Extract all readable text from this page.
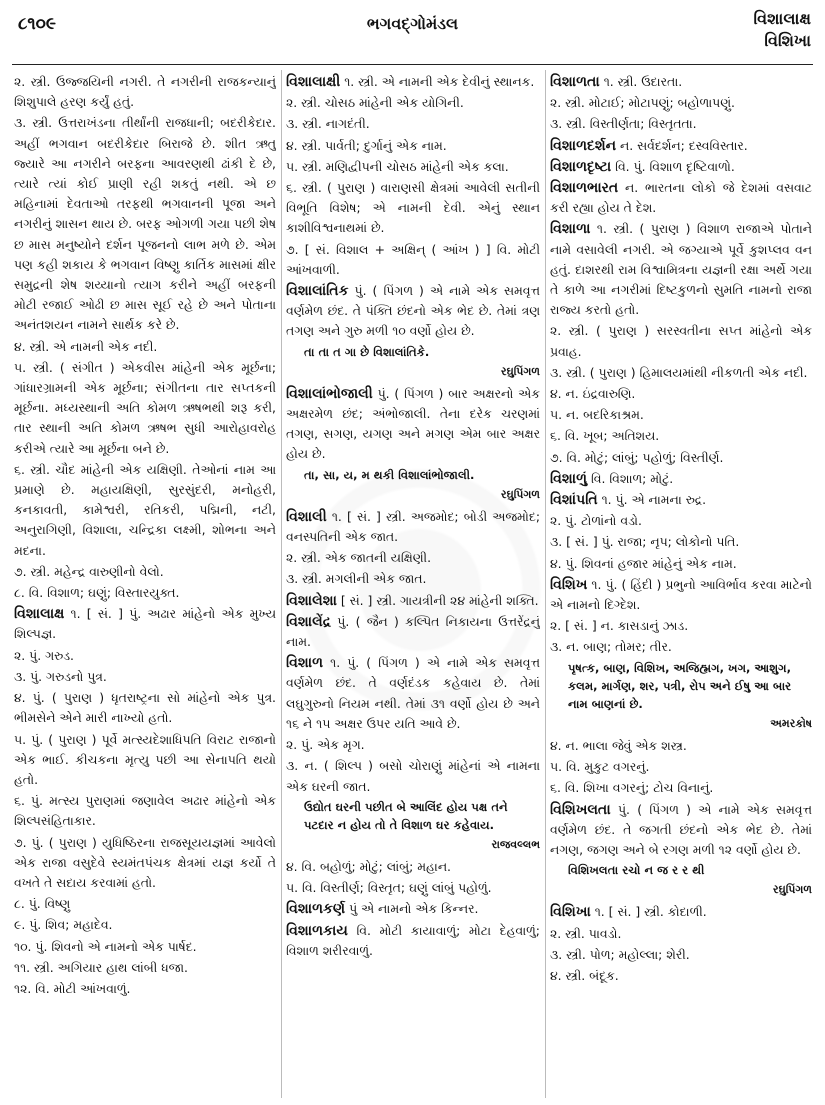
૮૧૦૯	ભગવદ્‌ગોમંડલ	વિશાલાક્ષ
વિશિખા
૨. સ્ત્રી. ઉજ્જયિની નગરી. તે નગરીની રાજકન્યાનું શિશુપાલે હરણ કર્યું હતું.
૩. સ્ત્રી. ઉત્તરાખંડના તીર્થાંની રાજધાની; બદરીકેદાર. અહીં ભગવાન બદરીકેદાર બિરાજે છે. શીત ઋતુ જ્યારે આ નગરીને બરફના આવરણથી ઢાંકી દે છે, ત્યારે ત્યાં કોઈ પ્રાણી રહી શકતું નથી. એ છ મહિનામાં દેવતાઓ તરફથી ભગવાનની પૂજા અને નગરીનું શાસન થાય છે. બરફ ઓગળી ગયા પછી શેષ છ માસ મનુષ્યોને દર્શન પૂજનનો લાભ મળે છે. એમ પણ કહી શકાય કે ભગવાન વિષ્ણુ કાર્તિક માસમાં ક્ષીર સમુદ્રની શેષ શય્યાનો ત્યાગ કરીને અહીં બરફની મોટી રજાઈ ઓઢી છ માસ સૂઈ રહે છે અને પોતાના અનંતશયન નામને સાર્થક કરે છે.
૪. સ્ત્રી. એ નામની એક નદી.
૫. સ્ત્રી. ( સંગીત ) એકવીસ માંહેની એક મૂર્છના; ગાંધારગ્રામની એક મૂર્છના; સંગીતના તાર સપ્તકની મૂર્છના. મધ્યસ્થાની અતિ કોમળ ઋષભથી શરૂ કરી, તાર સ્થાની અતિ કોમળ ઋષભ સુધી આરોહાવરોહ કરીએ ત્યારે આ મૂર્છના બને છે.
૬. સ્ત્રી. ચૌદ માંહેની એક યક્ષિણી. તેઓનાં નામ આ પ્રમાણે છે. મહાયક્ષિણી, સુરસુંદરી, મનોહરી, કનકાવતી, કામેશ્વરી, રતિકરી, પદ્મિની, નટી, અનુરાગિણી, વિશાલા, ચન્દ્રિકા લક્ષ્મી, શોભના અને મદના.
૭. સ્ત્રી. મહેન્દ્ર વારુણીનો વેલો.
૮. વિ. વિશાળ; ઘણું; વિસ્તારયુક્ત.
વિશાલાક્ષ ૧. [ સં. ] પું. અઢાર માંહેનો એક મુખ્ય શિલ્પજ્ઞ.
૨. પું. ગરુડ.
૩. પું. ગરુડનો પુત્ર.
૪. પું. ( પુરાણ ) ધૃતરાષ્ટ્રના સો માંહેનો એક પુત્ર. ભીમસેને એને મારી નાખ્યો હતો.
૫. પું. ( પુરાણ ) પૂર્વે મત્સ્યદેશાધિપતિ વિરાટ રાજાનો એક ભાઈ. કીચકના મૃત્યુ પછી આ સેનાપતિ થયો હતો.
૬. પું. મત્સ્ય પુરાણમાં જણાવેલ અઢાર માંહેનો એક શિલ્પસંહિતાકાર.
૭. પું. ( પુરાણ ) યુધિષ્ઠિરના રાજસૂયયજ્ઞમાં આવેલો એક રાજા વસુદેવે સ્યમંતપંચક ક્ષેત્રમાં યજ્ઞ કર્યો તે વખતે તે સદાય કરવામાં હતો.
૮. પું. વિષ્ણુ
૯. પું. શિવ; મહાદેવ.
૧૦. પું. શિવનો એ નામનો એક પાર્ષદ.
૧૧. સ્ત્રી. અગિયાર હાથ લાંબી ધજા.
૧૨. વિ. મોટી આંખવાળું.
વિશાલાક્ષી ૧. સ્ત્રી. એ નામની એક દેવીનું સ્થાનક.
૨. સ્ત્રી. ચોસઠ માંહેની એક યોગિની.
૩. સ્ત્રી. નાગદંતી.
૪. સ્ત્રી. પાર્વતી; દુર્ગાનું એક નામ.
૫. સ્ત્રી. મણિદ્વીપની ચોસઠ માંહેની એક કલા.
૬. સ્ત્રી. ( પુરાણ ) વારાણસી ક્ષેત્રમાં આવેલી સતીની વિભૂતિ વિશેષ; એ નામની દેવી. એનું સ્થાન કાશીવિશ્વનાથમાં છે.
૭. [ સં. વિશાલ + અક્ષિન્ ( આંખ ) ] વિ. મોટી આંખવાળી.
વિશાલાંતિક પું. ( પિંગળ ) એ નામે એક સમવૃત્ત વર્ણમેળ છંદ. તે પંક્તિ છંદનો એક ભેદ છે. તેમાં ત્રણ તગણ અને ગુરુ મળી ૧૦ વર્ણો હોય છે.
તા તા ત ગા છે વિશાલાંતિકે.
રઘુપિંગળ
વિશાલાંભોજાલી પું. ( પિંગળ ) બાર અક્ષરનો એક અક્ષરમેળ છંદ; અંભોજાલી. તેના દરેક ચરણમાં તગણ, સગણ, યગણ અને મગણ એમ બાર અક્ષર હોય છે.
તા, સા, ય, મ થકી વિશાલાંભોજાલી.
રઘુપિંગળ
વિશાલી ૧. [ સં. ] સ્ત્રી. અજમોદ; બોડી અજમોદ; વનસ્પતિની એક જાત.
૨. સ્ત્રી. એક જાતની યક્ષિણી.
૩. સ્ત્રી. મગલીની એક જાત.
વિશાલેશા [ સં. ] સ્ત્રી. ગાયત્રીની ૨૪ માંહેની શક્તિ.
વિશાલેંદ્ર પું. ( જૈન ) કલ્પિત નિકાયના ઉત્તરેંદ્રનું નામ.
વિશાળ ૧. પું. ( પિંગળ ) એ નામે એક સમવૃત્ત વર્ણમેળ છંદ. તે વર્ણદંડક કહેવાય છે. તેમાં લઘુગુરુનો નિયમ નથી. તેમાં ૩૧ વર્ણો હોય છે અને ૧૬ ને ૧૫ અક્ષર ઉપર યતિ આવે છે.
૨. પું. એક મૃગ.
૩. ન. ( શિલ્પ ) બસો ચોરાણું માંહેનાં એ નામના એક ઘરની જાત.
ઉદ્યોત ઘરની પછીત બે આલિંદ હોય પક્ષ તને પટદાર ન હોય તો તે વિશાળ ઘર કહેવાય.
રાજવલ્લભ
૪. વિ. બહોળું; મોટું; લાંબું; મહાન.
૫. વિ. વિસ્તીર્ણ; વિસ્તૃત; ઘણું લાંબું પહોળું.
વિશાળકર્ણ પું એ નામનો એક કિન્નર.
વિશાળકાય વિ. મોટી કાયાવાળું; મોટા દેહવાળું; વિશાળ શરીરવાળું.
વિશાળતા ૧. સ્ત્રી. ઉદારતા.
૨. સ્ત્રી. મોટાઈ; મોટાપણું; બહોળાપણું.
૩. સ્ત્રી. વિસ્તીર્ણતા; વિસ્તૃતતા.
વિશાળદર્શન ન. સર્વદર્શન; દસ્વવિસ્તાર.
વિશાળદૃષ્ટા વિ. પું. વિશાળ દૃષ્ટિવાળો.
વિશાળભારત ન. ભારતના લોકો જે દેશમાં વસવાટ કરી રહ્યા હોય તે દેશ.
વિશાળા ૧. સ્ત્રી. ( પુરાણ ) વિશાળ રાજાએ પોતાને નામે વસાવેલી નગરી. એ જગ્યાએ પૂર્વે કુશપ્લવ વન હતું. દાશરથી રામ વિશ્વામિત્રના યજ્ઞની રક્ષા અર્થે ગયા તે કાળે આ નગરીમાં દિષ્ટકુળનો સુમતિ નામનો રાજા રાજ્ય કરતો હતો.
૨. સ્ત્રી. ( પુરાણ ) સરસ્વતીના સપ્ત માંહેનો એક પ્રવાહ.
૩. સ્ત્રી. ( પુરાણ ) હિમાલયમાંથી નીકળતી એક નદી.
૪. ન. ઇંદ્રવારુણિ.
૫. ન. બદરિકાશ્રમ.
૬. વિ. ખૂબ; અતિશય.
૭. વિ. મોટું; લાંબું; પહોળું; વિસ્તીર્ણ.
વિશાળું વિ. વિશાળ; મોટું.
વિશાંપતિ ૧. પું. એ નામના રુદ્ર.
૨. પું. ટોળાંનો વડો.
૩. [ સં. ] પું. રાજા; નૃપ; લોકોનો પતિ.
૪. પું. શિવનાં હજાર માંહેનું એક નામ.
વિશિખ ૧. પું. ( હિંદી ) પ્રભુનો આવિર્ભાવ કરવા માટેનો એ નામનો દિગ્દેશ.
૨. [ સં. ] ન. કાસડાનું ઝાડ.
૩. ન. બાણ; તોમર; તીર.
પૃષત્ક, બાણ, વિશિખ, અજિહ્મગ, ખગ, આશુગ, કલમ, માર્ગણ, શર, પત્રી, રોપ અને ઈષુ આ બાર નામ બાણનાં છે.
અમરકોષ
૪. ન. ભાલા જેવું એક શસ્ત્ર.
૫. વિ. મુકુટ વગરનું.
૬. વિ. શિખા વગરનું; ટોચ વિનાનું.
વિશિખલતા પું. ( પિંગળ ) એ નામે એક સમવૃત્ત વર્ણમેળ છંદ. તે જગતી છંદનો એક ભેદ છે. તેમાં નગણ, જગણ અને બે રગણ મળી ૧૨ વર્ણો હોય છે.
વિશિખલતા રચો ન જ ર ર થી
રઘુપિંગળ
વિશિખા ૧. [ સં. ] સ્ત્રી. કોદાળી.
૨. સ્ત્રી. પાવડો.
૩. સ્ત્રી. પોળ; મહોલ્લા; શેરી.
૪. સ્ત્રી. બંદૂક.
